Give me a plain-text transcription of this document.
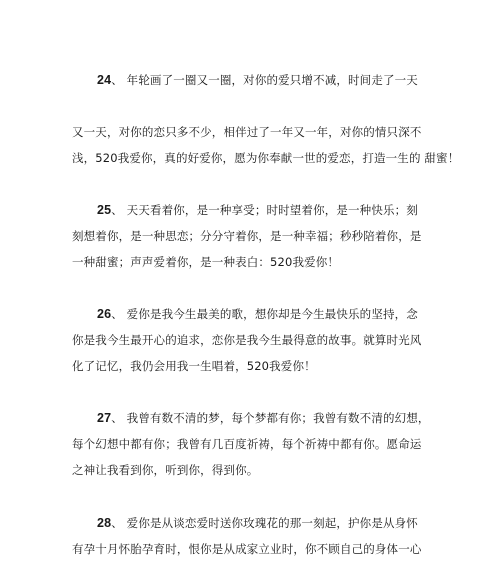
24、 年轮画了一圈又一圈，对你的爱只增不减，时间走了一天
又一天，对你的恋只多不少，相伴过了一年又一年，对你的情只深不
浅，520我爱你，真的好爱你，愿为你奉献一世的爱恋，打造一生的 甜蜜！
25、 天天看着你，是一种享受；时时望着你，是一种快乐；刻
刻想着你，是一种思恋；分分守着你，是一种幸福；秒秒陪着你，是
一种甜蜜；声声爱着你，是一种表白：520我爱你！
26、 爱你是我今生最美的歌，想你却是今生最快乐的坚持，念
你是我今生最开心的追求，恋你是我今生最得意的故事。就算时光风
化了记忆，我仍会用我一生唱着，520我爱你！
27、 我曾有数不清的梦，每个梦都有你；我曾有数不清的幻想，
每个幻想中都有你；我曾有几百度祈祷，每个祈祷中都有你。愿命运
之神让我看到你，听到你，得到你。
28、 爱你是从谈恋爱时送你玫瑰花的那一刻起，护你是从身怀
有孕十月怀胎孕育时，恨你是从成家立业时，你不顾自己的身体一心
